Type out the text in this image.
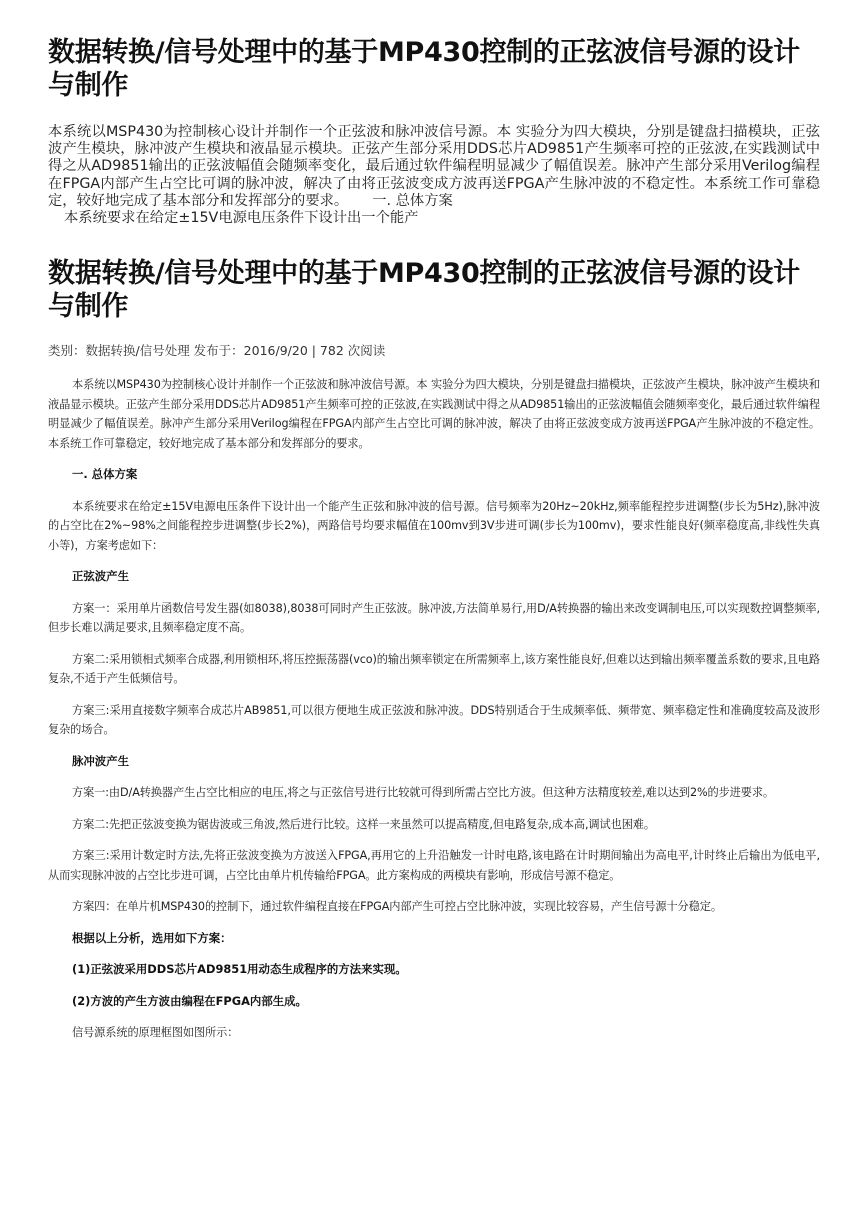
数据转换/信号处理中的基于MP430控制的正弦波信号源的设计与制作

本系统以MSP430为控制核心设计并制作一个正弦波和脉冲波信号源。本 实验分为四大模块，分别是键盘扫描模块，正弦波产生模块，脉冲波产生模块和液晶显示模块。正弦产生部分采用DDS芯片AD9851产生频率可控的正弦波,在实践测试中得之从AD9851输出的正弦波幅值会随频率变化，最后通过软件编程明显减少了幅值误差。脉冲产生部分采用Verilog编程在FPGA内部产生占空比可调的脉冲波，解决了由将正弦波变成方波再送FPGA产生脉冲波的不稳定性。本系统工作可靠稳定，较好地完成了基本部分和发挥部分的要求。 一. 总体方案
本系统要求在给定±15V电源电压条件下设计出一个能产

数据转换/信号处理中的基于MP430控制的正弦波信号源的设计与制作

类别：数据转换/信号处理 发布于：2016/9/20 | 782 次阅读

本系统以MSP430为控制核心设计并制作一个正弦波和脉冲波信号源。本 实验分为四大模块，分别是键盘扫描模块，正弦波产生模块，脉冲波产生模块和液晶显示模块。正弦产生部分采用DDS芯片AD9851产生频率可控的正弦波,在实践测试中得之从AD9851输出的正弦波幅值会随频率变化，最后通过软件编程明显减少了幅值误差。脉冲产生部分采用Verilog编程在FPGA内部产生占空比可调的脉冲波，解决了由将正弦波变成方波再送FPGA产生脉冲波的不稳定性。本系统工作可靠稳定，较好地完成了基本部分和发挥部分的要求。

一. 总体方案

本系统要求在给定±15V电源电压条件下设计出一个能产生正弦和脉冲波的信号源。信号频率为20Hz~20kHz,频率能程控步进调整(步长为5Hz),脉冲波的占空比在2%~98%之间能程控步进调整(步长2%)，两路信号均要求幅值在100mv到3V步进可调(步长为100mv)，要求性能良好(频率稳度高,非线性失真小等)，方案考虑如下：

正弦波产生

方案一：采用单片函数信号发生器(如8038),8038可同时产生正弦波。脉冲波,方法简单易行,用D/A转换器的输出来改变调制电压,可以实现数控调整频率,但步长难以满足要求,且频率稳定度不高。

方案二:采用锁相式频率合成器,利用锁相环,将压控振荡器(vco)的输出频率锁定在所需频率上,该方案性能良好,但难以达到输出频率覆盖系数的要求,且电路复杂,不适于产生低频信号。

方案三:采用直接数字频率合成芯片AB9851,可以很方便地生成正弦波和脉冲波。DDS特别适合于生成频率低、频带宽、频率稳定性和准确度较高及波形复杂的场合。

脉冲波产生

方案一:由D/A转换器产生占空比相应的电压,将之与正弦信号进行比较就可得到所需占空比方波。但这种方法精度较差,难以达到2%的步进要求。

方案二:先把正弦波变换为锯齿波或三角波,然后进行比较。这样一来虽然可以提高精度,但电路复杂,成本高,调试也困难。

方案三:采用计数定时方法,先将正弦波变换为方波送入FPGA,再用它的上升沿触发一计时电路,该电路在计时期间输出为高电平,计时终止后输出为低电平, 从而实现脉冲波的占空比步进可调，占空比由单片机传输给FPGA。此方案构成的两模块有影响，形成信号源不稳定。

方案四：在单片机MSP430的控制下，通过软件编程直接在FPGA内部产生可控占空比脉冲波，实现比较容易，产生信号源十分稳定。

根据以上分析，选用如下方案：

(1)正弦波采用DDS芯片AD9851用动态生成程序的方法来实现。

(2)方波的产生方波由编程在FPGA内部生成。

信号源系统的原理框图如图所示：
